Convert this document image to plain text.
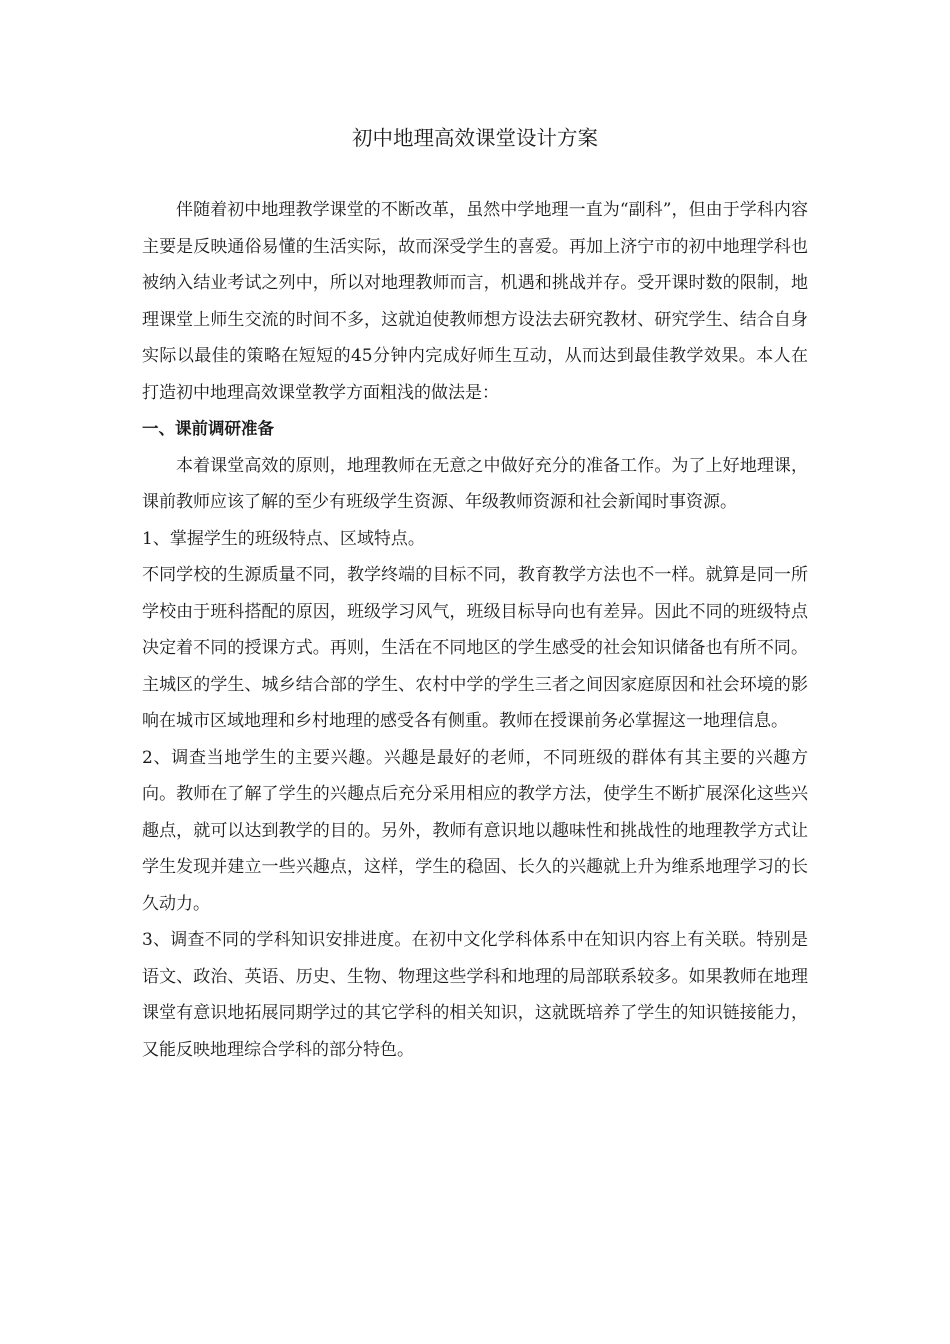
初中地理高效课堂设计方案

伴随着初中地理教学课堂的不断改革，虽然中学地理一直为“副科”，但由于学科内容主要是反映通俗易懂的生活实际，故而深受学生的喜爱。再加上济宁市的初中地理学科也被纳入结业考试之列中，所以对地理教师而言，机遇和挑战并存。受开课时数的限制，地理课堂上师生交流的时间不多，这就迫使教师想方设法去研究教材、研究学生、结合自身实际以最佳的策略在短短的45分钟内完成好师生互动，从而达到最佳教学效果。本人在打造初中地理高效课堂教学方面粗浅的做法是：

一、课前调研准备

本着课堂高效的原则，地理教师在无意之中做好充分的准备工作。为了上好地理课，课前教师应该了解的至少有班级学生资源、年级教师资源和社会新闻时事资源。

1、掌握学生的班级特点、区域特点。

不同学校的生源质量不同，教学终端的目标不同，教育教学方法也不一样。就算是同一所学校由于班科搭配的原因，班级学习风气，班级目标导向也有差异。因此不同的班级特点决定着不同的授课方式。再则，生活在不同地区的学生感受的社会知识储备也有所不同。主城区的学生、城乡结合部的学生、农村中学的学生三者之间因家庭原因和社会环境的影响在城市区域地理和乡村地理的感受各有侧重。教师在授课前务必掌握这一地理信息。

2、调查当地学生的主要兴趣。兴趣是最好的老师，不同班级的群体有其主要的兴趣方向。教师在了解了学生的兴趣点后充分采用相应的教学方法，使学生不断扩展深化这些兴趣点，就可以达到教学的目的。另外，教师有意识地以趣味性和挑战性的地理教学方式让学生发现并建立一些兴趣点，这样，学生的稳固、长久的兴趣就上升为维系地理学习的长久动力。

3、调查不同的学科知识安排进度。在初中文化学科体系中在知识内容上有关联。特别是语文、政治、英语、历史、生物、物理这些学科和地理的局部联系较多。如果教师在地理课堂有意识地拓展同期学过的其它学科的相关知识，这就既培养了学生的知识链接能力，又能反映地理综合学科的部分特色。
